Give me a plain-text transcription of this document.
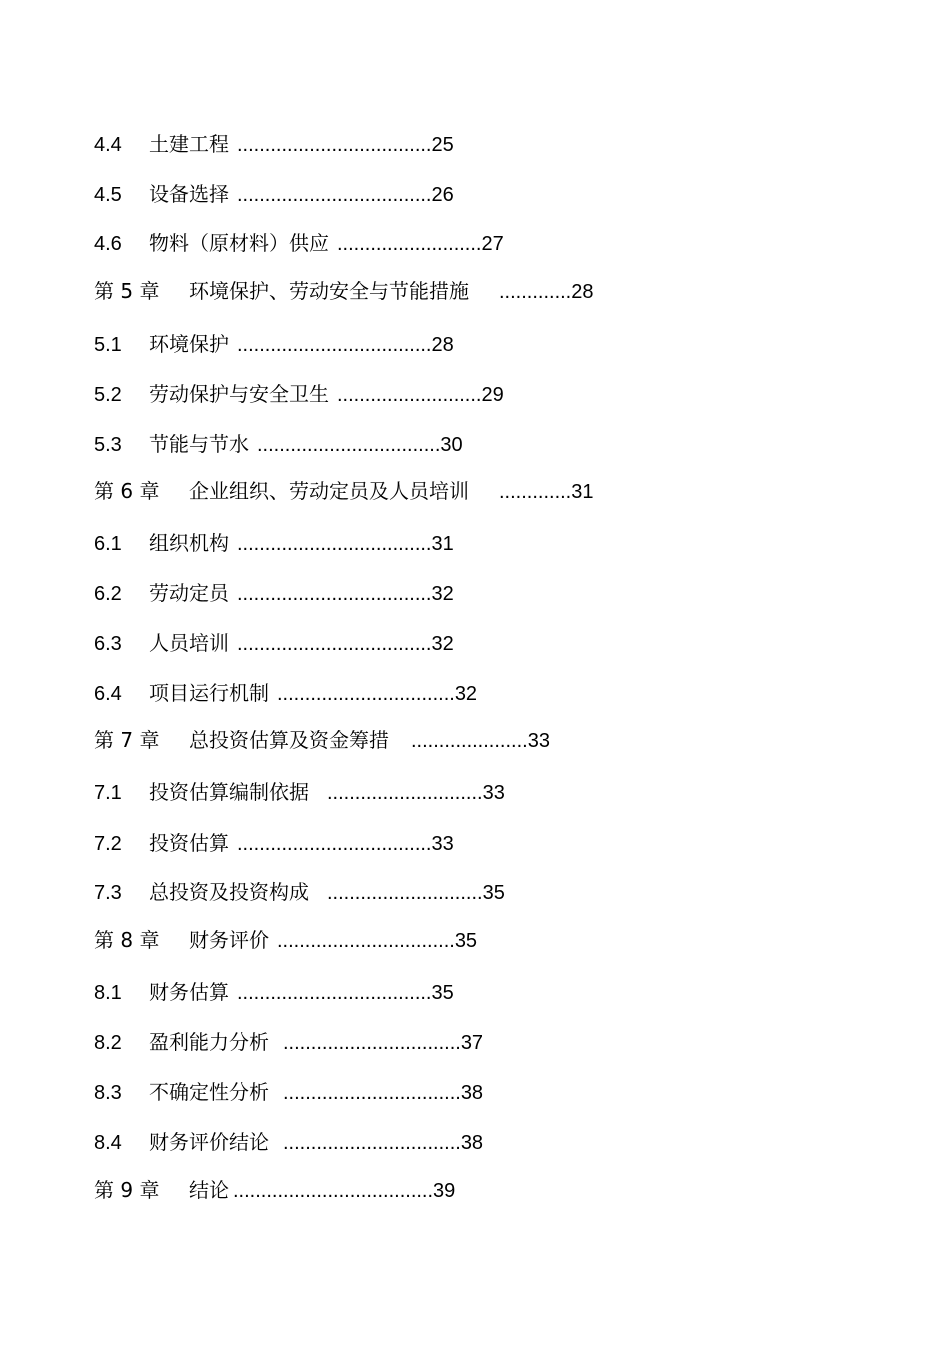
4.4 土建工程 ...................................25
4.5 设备选择 ...................................26
4.6 物料（原材料）供应 ..........................27
第 5 章 环境保护、劳动安全与节能措施 .............28
5.1 环境保护 ...................................28
5.2 劳动保护与安全卫生 ..........................29
5.3 节能与节水 .................................30
第 6 章 企业组织、劳动定员及人员培训 .............31
6.1 组织机构 ...................................31
6.2 劳动定员 ...................................32
6.3 人员培训 ...................................32
6.4 项目运行机制 ................................32
第 7 章 总投资估算及资金筹措 .....................33
7.1 投资估算编制依据 ............................33
7.2 投资估算 ...................................33
7.3 总投资及投资构成 ............................35
第 8 章 财务评价 ................................35
8.1 财务估算 ...................................35
8.2 盈利能力分析 ................................37
8.3 不确定性分析 ................................38
8.4 财务评价结论 ................................38
第 9 章 结论 ....................................39
